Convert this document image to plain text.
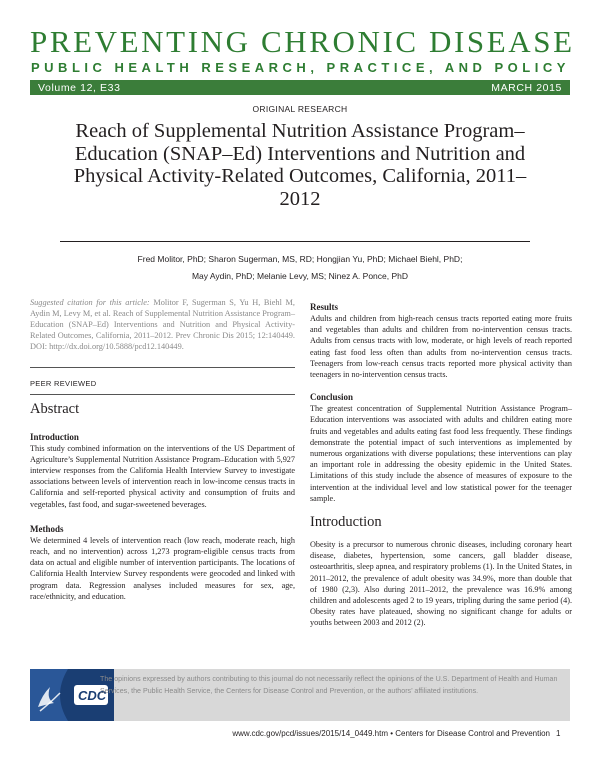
PREVENTING CHRONIC DISEASE
PUBLIC HEALTH RESEARCH, PRACTICE, AND POLICY
Volume 12, E33	MARCH 2015
ORIGINAL RESEARCH
Reach of Supplemental Nutrition Assistance Program–Education (SNAP–Ed) Interventions and Nutrition and Physical Activity-Related Outcomes, California, 2011–2012
Fred Molitor, PhD; Sharon Sugerman, MS, RD; Hongjian Yu, PhD; Michael Biehl, PhD;
May Aydin, PhD; Melanie Levy, MS; Ninez A. Ponce, PhD

Suggested citation for this article: Molitor F, Sugerman S, Yu H, Biehl M, Aydin M, Levy M, et al. Reach of Supplemental Nutrition Assistance Program–Education (SNAP–Ed) Interventions and Nutrition and Physical Activity-Related Outcomes, California, 2011–2012. Prev Chronic Dis 2015; 12:140449. DOI: http://dx.doi.org/10.5888/pcd12.140449.

PEER REVIEWED
Abstract
Introduction

This study combined information on the interventions of the US Department of Agriculture’s Supplemental Nutrition Assistance Program–Education with 5,927 interview responses from the California Health Interview Survey to investigate associations between levels of intervention reach in low-income census tracts in California and self-reported physical activity and consumption of fruits and vegetables, fast food, and sugar-sweetened beverages.

Methods

We determined 4 levels of intervention reach (low reach, moderate reach, high reach, and no intervention) across 1,273 program-eligible census tracts from data on actual and eligible number of intervention participants. The locations of California Health Interview Survey respondents were geocoded and linked with program data. Regression analyses included measures for sex, age, race/ethnicity, and education.

Results

Adults and children from high-reach census tracts reported eating more fruits and vegetables than adults and children from no-intervention census tracts. Adults from census tracts with low, moderate, or high levels of reach reported eating fast food less often than adults from no-intervention census tracts. Teenagers from low-reach census tracts reported more physical activity than teenagers in no-intervention census tracts.

Conclusion

The greatest concentration of Supplemental Nutrition Assistance Program–Education interventions was associated with adults and children eating more fruits and vegetables and adults eating fast food less frequently. These findings demonstrate the potential impact of such interventions as implemented by numerous organizations with diverse populations; these interventions can play an important role in addressing the obesity epidemic in the United States. Limitations of this study include the absence of measures of exposure to the intervention at the individual level and low statistical power for the teenager sample.

Introduction

Obesity is a precursor to numerous chronic diseases, including coronary heart disease, diabetes, hypertension, some cancers, gall bladder disease, osteoarthritis, sleep apnea, and respiratory problems (1). In the United States, in 2011–2012, the prevalence of adult obesity was 34.9%, more than double that of 1980 (2,3). Also during 2011–2012, the prevalence was 16.9% among children and adolescents aged 2 to 19 years, tripling during the same period (4). Obesity rates have plateaued, showing no significant change for adults or youths between 2003 and 2012 (2).

CDC
The opinions expressed by authors contributing to this journal do not necessarily reflect the opinions of the U.S. Department of Health and Human Services, the Public Health Service, the Centers for Disease Control and Prevention, or the authors’ affiliated institutions.
www.cdc.gov/pcd/issues/2015/14_0449.htm • Centers for Disease Control and Prevention 1
